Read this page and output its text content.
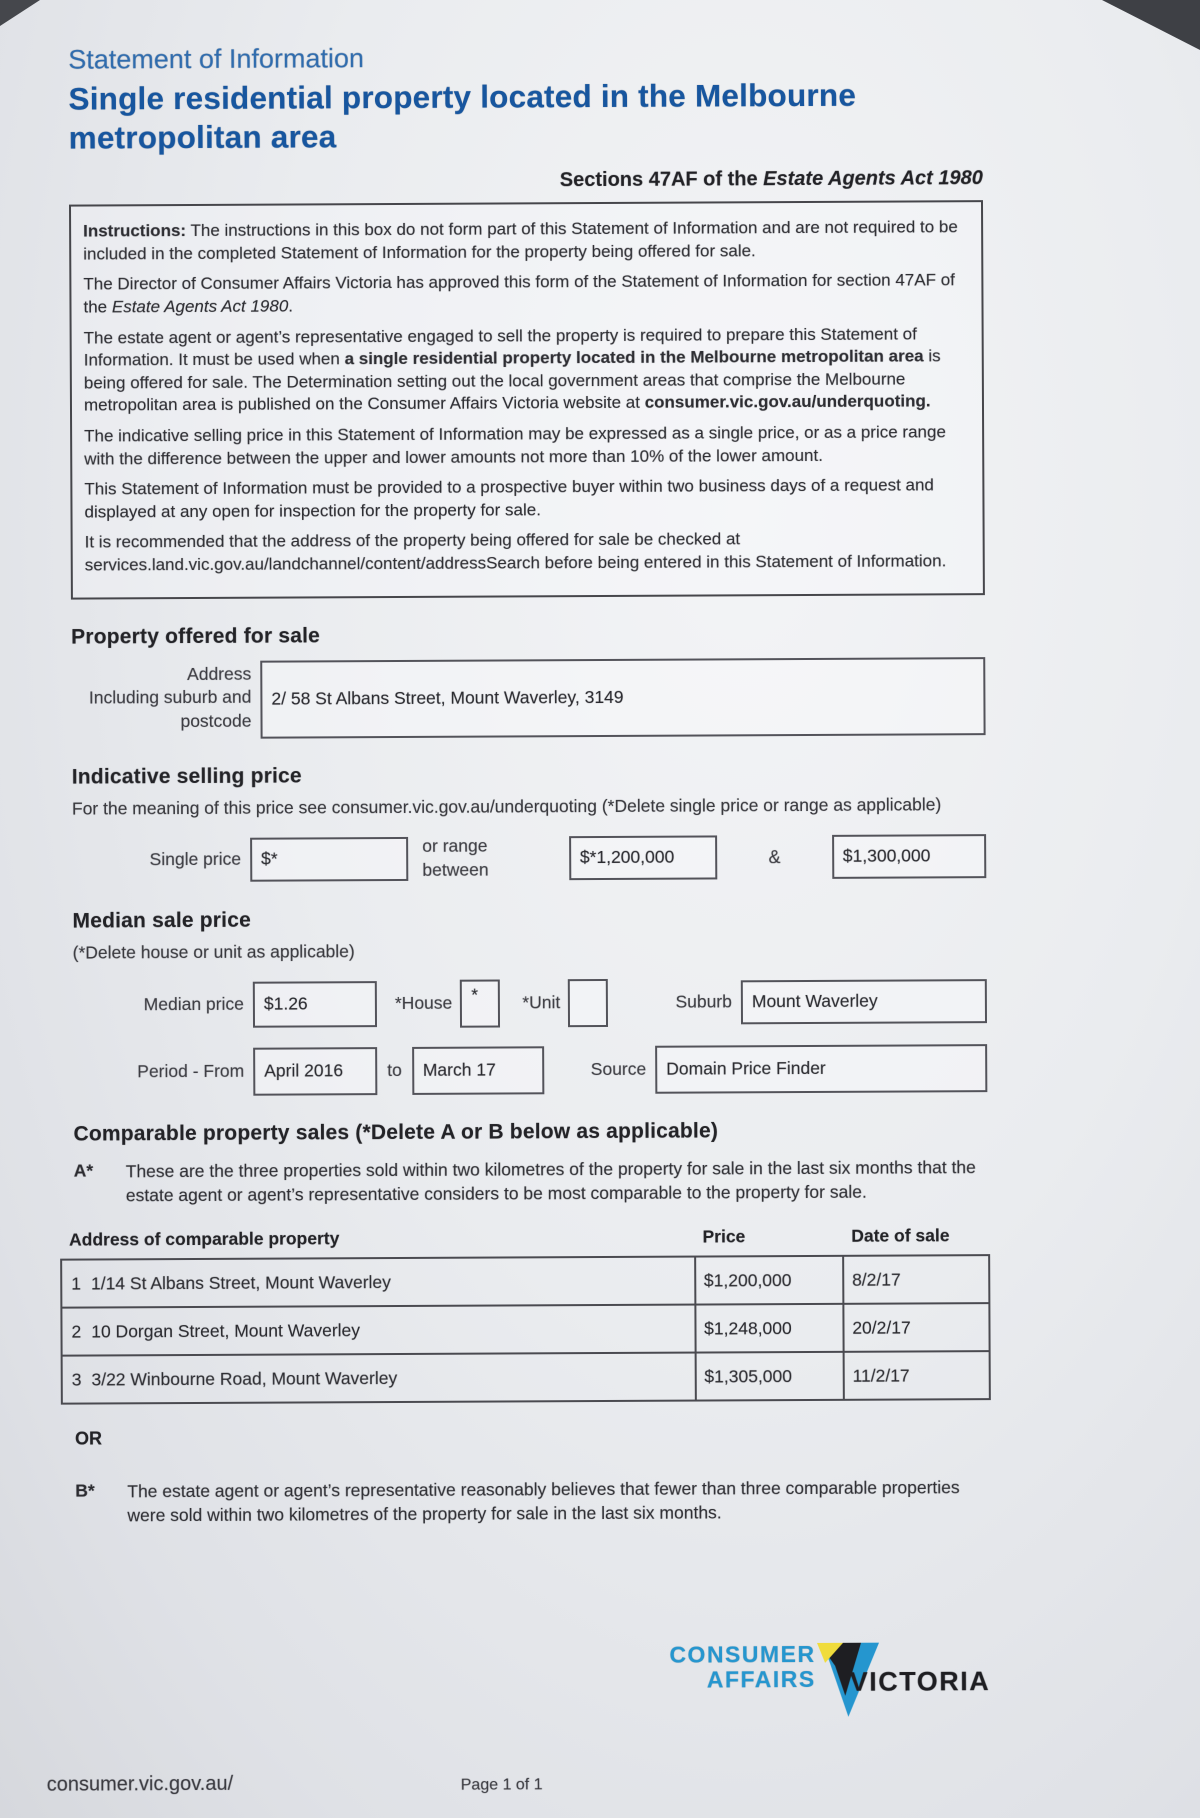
Statement of Information

Single residential property located in the Melbourne metropolitan area
Sections 47AF of the Estate Agents Act 1980

Instructions: The instructions in this box do not form part of this Statement of Information and are not required to be included in the completed Statement of Information for the property being offered for sale.

The Director of Consumer Affairs Victoria has approved this form of the Statement of Information for section 47AF of the Estate Agents Act 1980.

The estate agent or agent’s representative engaged to sell the property is required to prepare this Statement of Information. It must be used when a single residential property located in the Melbourne metropolitan area is being offered for sale. The Determination setting out the local government areas that comprise the Melbourne metropolitan area is published on the Consumer Affairs Victoria website at consumer.vic.gov.au/underquoting.

The indicative selling price in this Statement of Information may be expressed as a single price, or as a price range with the difference between the upper and lower amounts not more than 10% of the lower amount.

This Statement of Information must be provided to a prospective buyer within two business days of a request and displayed at any open for inspection for the property for sale.

It is recommended that the address of the property being offered for sale be checked at services.land.vic.gov.au/landchannel/content/addressSearch before being entered in this Statement of Information.

Property offered for sale
Address
Including suburb and
postcode
2/ 58 St Albans Street, Mount Waverley, 3149
Indicative selling price

For the meaning of this price see consumer.vic.gov.au/underquoting (*Delete single price or range as applicable)

Single price	$*
or range between
$*1,200,000	&	$1,300,000
Median sale price

(*Delete house or unit as applicable)

Median price	$1.26	*House	*	*Unit	Suburb	Mount Waverley
Period - From	April 2016	to	March 17	Source	Domain Price Finder
Comparable property sales (*Delete A or B below as applicable)
A*	These are the three properties sold within two kilometres of the property for sale in the last six months that the estate agent or agent’s representative considers to be most comparable to the property for sale.
Address of comparable property	Price	Date of sale
1 1/14 St Albans Street, Mount Waverley	$1,200,000	8/2/17
2 10 Dorgan Street, Mount Waverley	$1,248,000	20/2/17
3 3/22 Winbourne Road, Mount Waverley	$1,305,000	11/2/17

OR

B*	The estate agent or agent’s representative reasonably believes that fewer than three comparable properties were sold within two kilometres of the property for sale in the last six months.
CONSUMER
AFFAIRS VICTORIA
consumer.vic.gov.au/	Page 1 of 1
